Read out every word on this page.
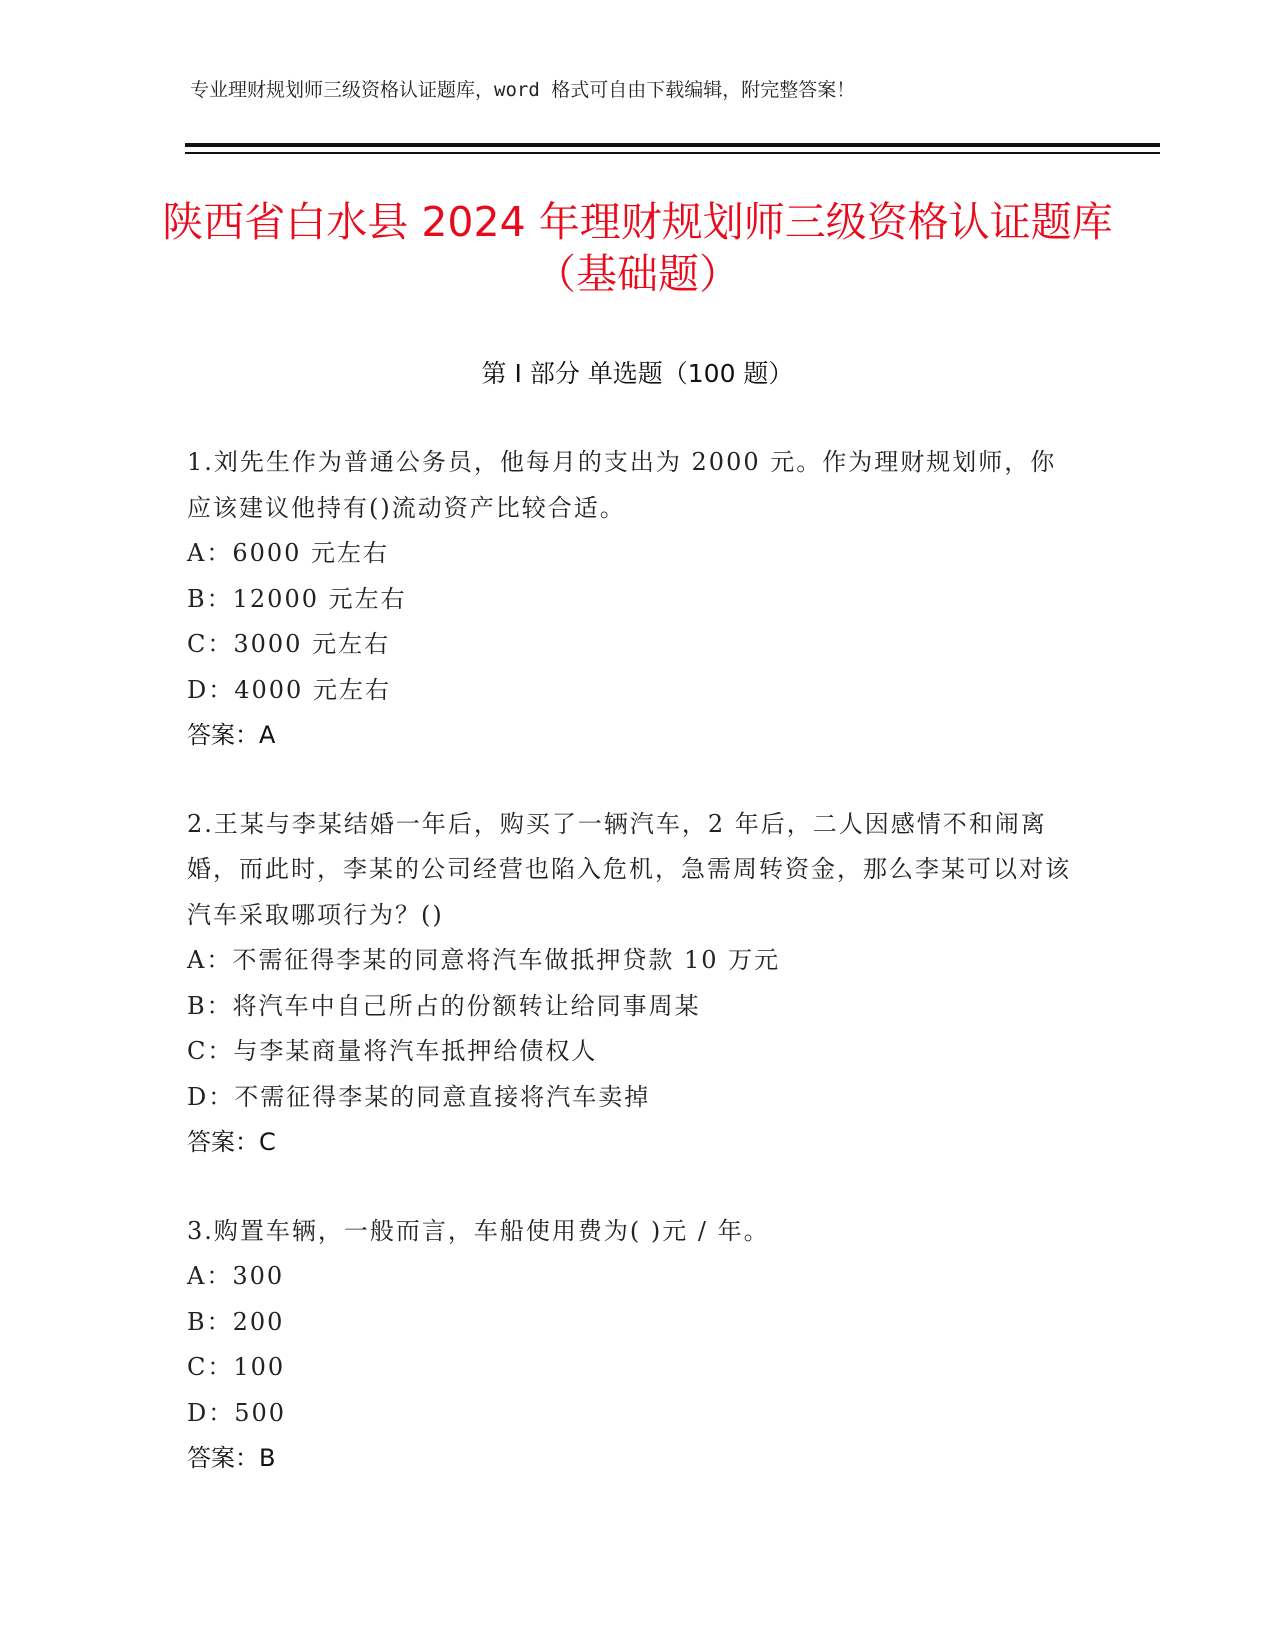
专业理财规划师三级资格认证题库，word 格式可自由下载编辑，附完整答案！
陕西省白水县 2024 年理财规划师三级资格认证题库（基础题）
第 I 部分 单选题（100 题）
1.刘先生作为普通公务员，他每月的支出为 2000 元。作为理财规划师，你应该建议他持有()流动资产比较合适。
A：6000 元左右
B：12000 元左右
C：3000 元左右
D：4000 元左右
答案：A
2.王某与李某结婚一年后，购买了一辆汽车，2 年后，二人因感情不和闹离婚，而此时，李某的公司经营也陷入危机，急需周转资金，那么李某可以对该汽车采取哪项行为？()
A：不需征得李某的同意将汽车做抵押贷款 10 万元
B：将汽车中自己所占的份额转让给同事周某
C：与李某商量将汽车抵押给债权人
D：不需征得李某的同意直接将汽车卖掉
答案：C
3.购置车辆，一般而言，车船使用费为( )元 / 年。
A：300
B：200
C：100
D：500
答案：B
